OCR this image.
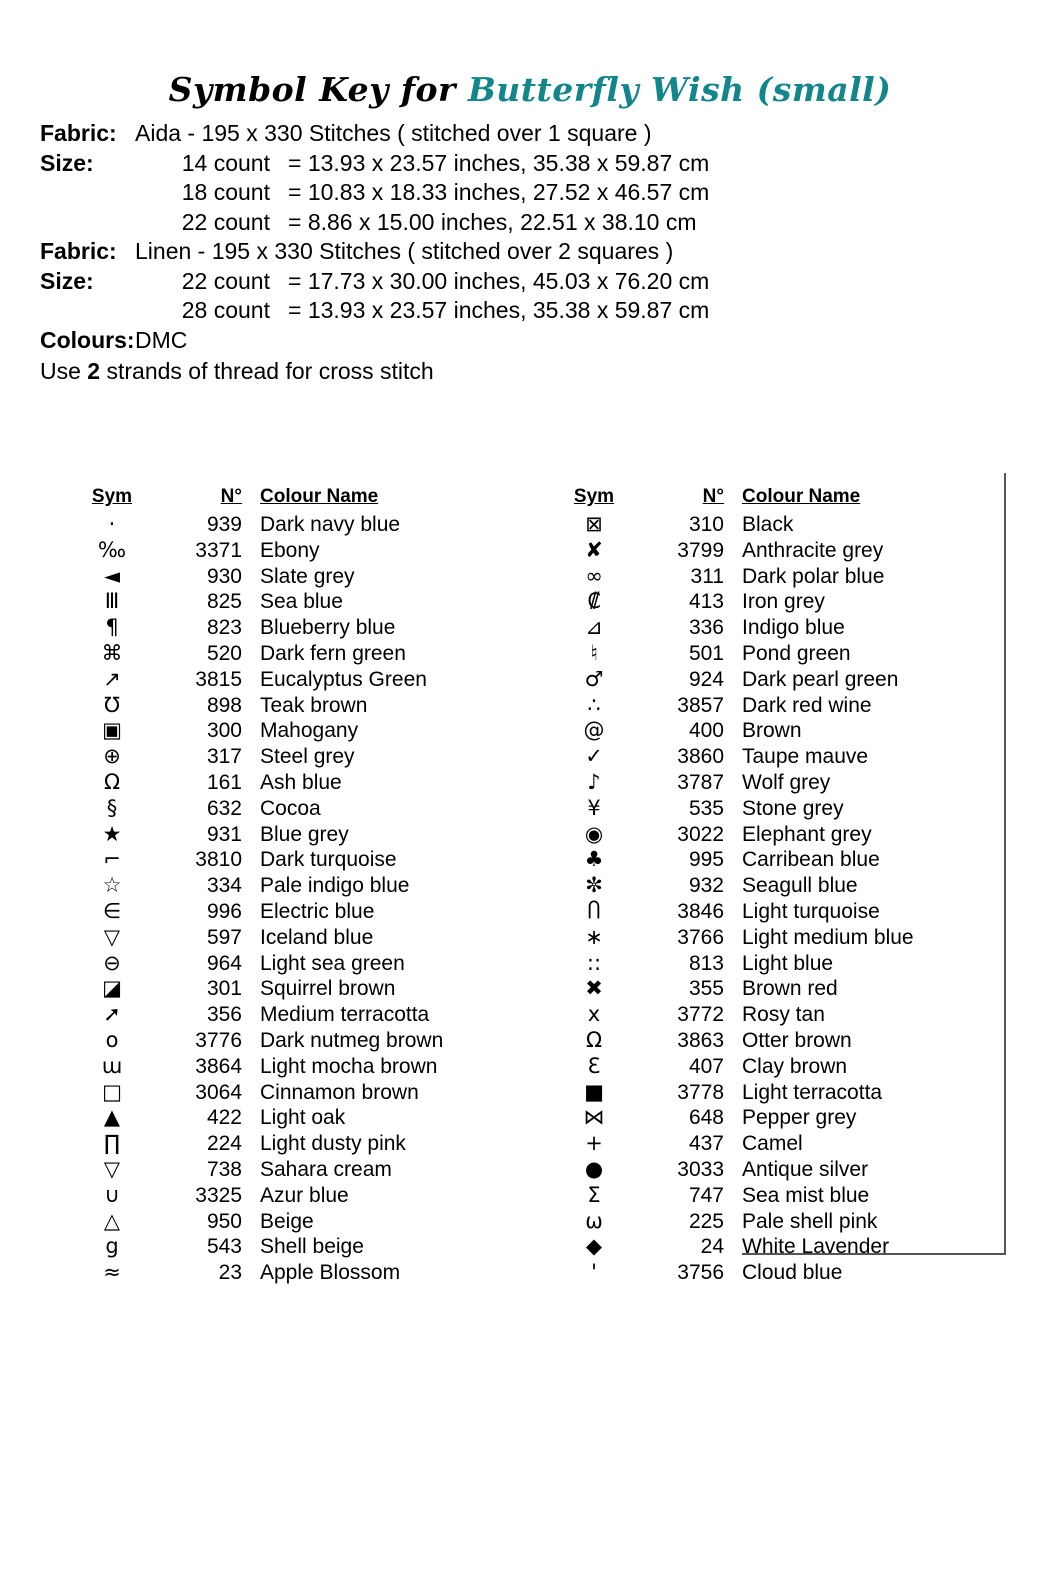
Symbol Key for Butterfly Wish (small)
Fabric: Aida - 195 x 330 Stitches ( stitched over 1 square )
Size:	14 count = 13.93 x 23.57 inches, 35.38 x 59.87 cm
18 count = 10.83 x 18.33 inches, 27.52 x 46.57 cm
22 count = 8.86 x 15.00 inches, 22.51 x 38.10 cm
Fabric: Linen - 195 x 330 Stitches ( stitched over 2 squares )
Size:	22 count = 17.73 x 30.00 inches, 45.03 x 76.20 cm
28 count = 13.93 x 23.57 inches, 35.38 x 59.87 cm
Colours: DMC
Use 2 strands of thread for cross stitch
Sym	N°	Colour Name
·	939	Dark navy blue
‰	3371	Ebony
◄	930	Slate grey
Ⅲ	825	Sea blue
¶	823	Blueberry blue
⌘	520	Dark fern green
↗	3815	Eucalyptus Green
℧	898	Teak brown
▣	300	Mahogany
⊕	317	Steel grey
Ω	161	Ash blue
§	632	Cocoa
★	931	Blue grey
⌐	3810	Dark turquoise
☆	334	Pale indigo blue
∈	996	Electric blue
▽	597	Iceland blue
⊖	964	Light sea green
◪	301	Squirrel brown
➚	356	Medium terracotta
o	3776	Dark nutmeg brown
ɯ	3864	Light mocha brown
□	3064	Cinnamon brown
▲	422	Light oak
∏	224	Light dusty pink
▽	738	Sahara cream
∪	3325	Azur blue
△	950	Beige
g	543	Shell beige
≈	23	Apple Blossom
Sym	N°	Colour Name
⊠	310	Black
✘	3799	Anthracite grey
∞	311	Dark polar blue
₡	413	Iron grey
⊿	336	Indigo blue
♮	501	Pond green
♂	924	Dark pearl green
∴	3857	Dark red wine
@	400	Brown
✓	3860	Taupe mauve
♪	3787	Wolf grey
¥	535	Stone grey
◉	3022	Elephant grey
♣	995	Carribean blue
✼	932	Seagull blue
Ⴖ	3846	Light turquoise
∗	3766	Light medium blue
::	813	Light blue
✖	355	Brown red
x	3772	Rosy tan
Ω	3863	Otter brown
Ɛ	407	Clay brown
■	3778	Light terracotta
⋈	648	Pepper grey
+	437	Camel
●	3033	Antique silver
Σ	747	Sea mist blue
ω	225	Pale shell pink
◆	24	White Lavender
ꞌ	3756	Cloud blue
